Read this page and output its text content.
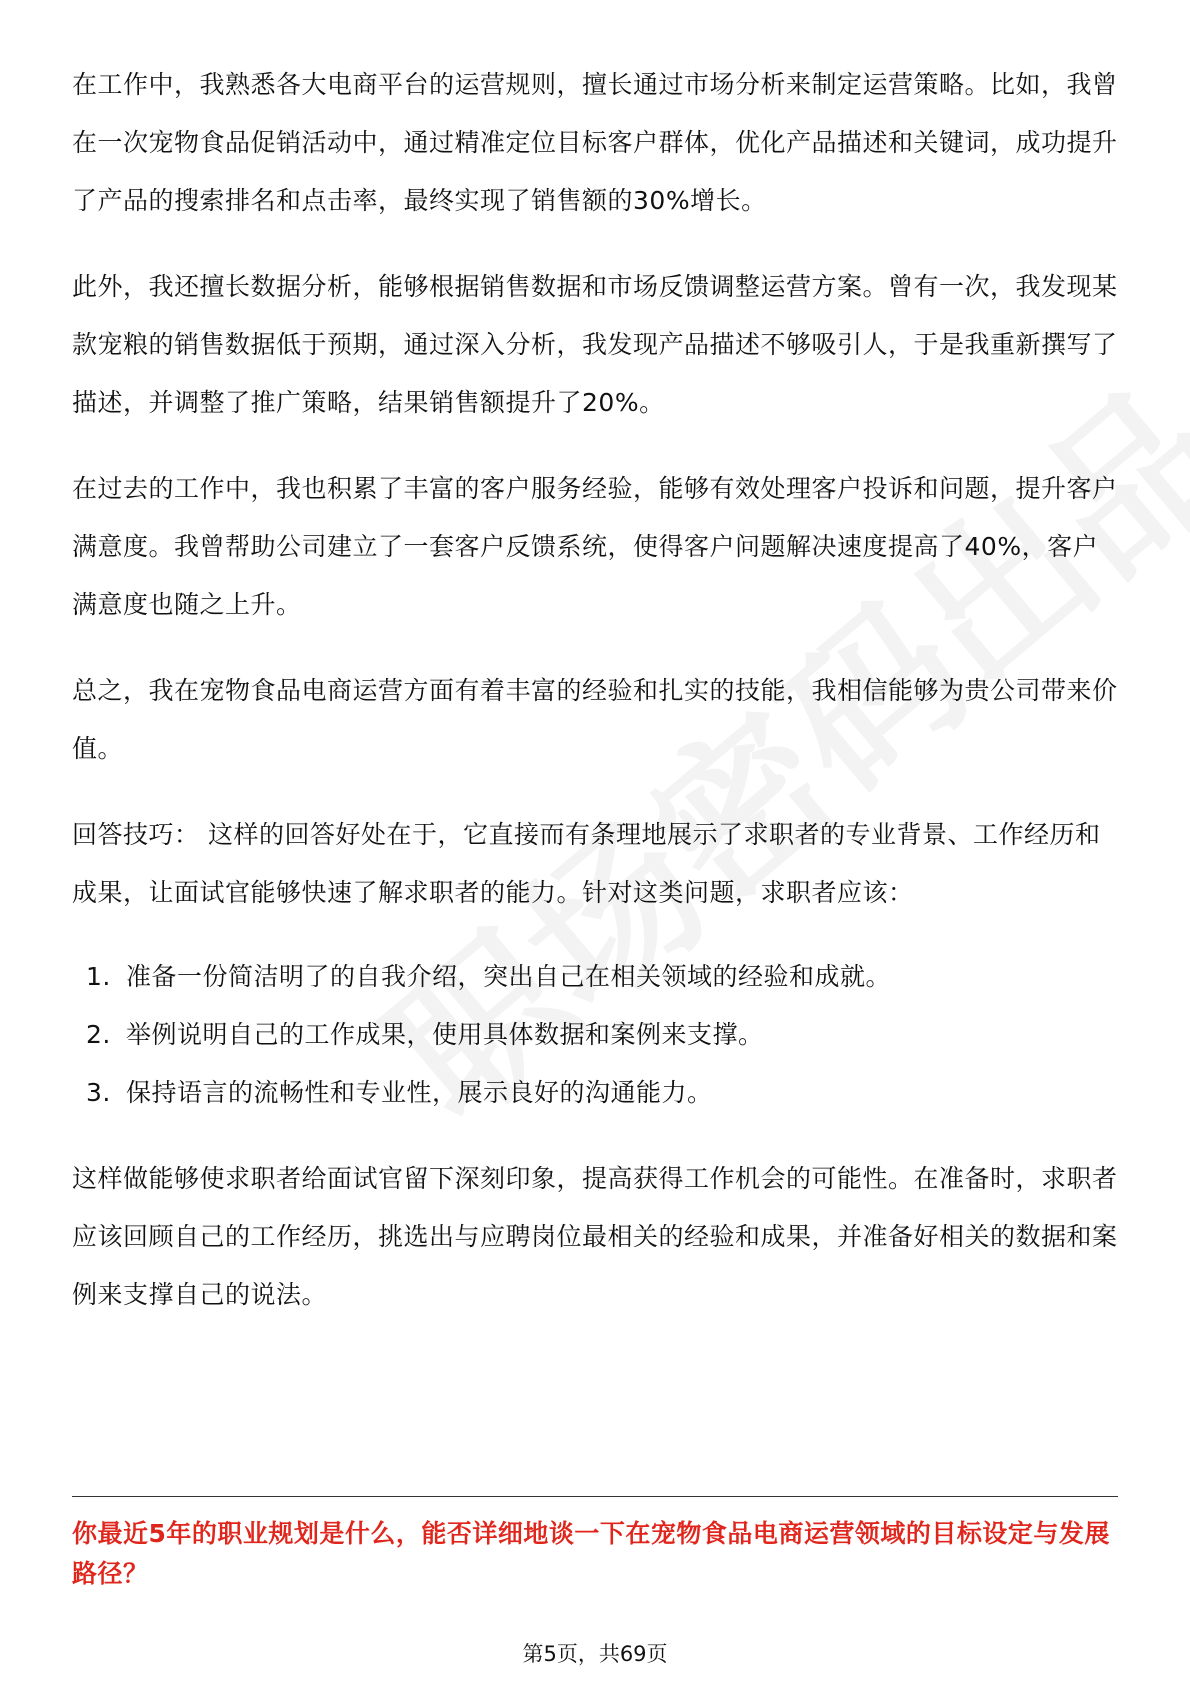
在工作中，我熟悉各大电商平台的运营规则，擅长通过市场分析来制定运营策略。比如，我曾在一次宠物食品促销活动中，通过精准定位目标客户群体，优化产品描述和关键词，成功提升了产品的搜索排名和点击率，最终实现了销售额的30%增长。

此外，我还擅长数据分析，能够根据销售数据和市场反馈调整运营方案。曾有一次，我发现某款宠粮的销售数据低于预期，通过深入分析，我发现产品描述不够吸引人，于是我重新撰写了描述，并调整了推广策略，结果销售额提升了20%。

在过去的工作中，我也积累了丰富的客户服务经验，能够有效处理客户投诉和问题，提升客户满意度。我曾帮助公司建立了一套客户反馈系统，使得客户问题解决速度提高了40%，客户满意度也随之上升。

总之，我在宠物食品电商运营方面有着丰富的经验和扎实的技能，我相信能够为贵公司带来价值。

回答技巧： 这样的回答好处在于，它直接而有条理地展示了求职者的专业背景、工作经历和成果，让面试官能够快速了解求职者的能力。针对这类问题，求职者应该：

1. 准备一份简洁明了的自我介绍，突出自己在相关领域的经验和成就。
2. 举例说明自己的工作成果，使用具体数据和案例来支撑。
3. 保持语言的流畅性和专业性，展示良好的沟通能力。

这样做能够使求职者给面试官留下深刻印象，提高获得工作机会的可能性。在准备时，求职者应该回顾自己的工作经历，挑选出与应聘岗位最相关的经验和成果，并准备好相关的数据和案例来支撑自己的说法。

你最近5年的职业规划是什么，能否详细地谈一下在宠物食品电商运营领域的目标设定与发展路径？

第5页，共69页
